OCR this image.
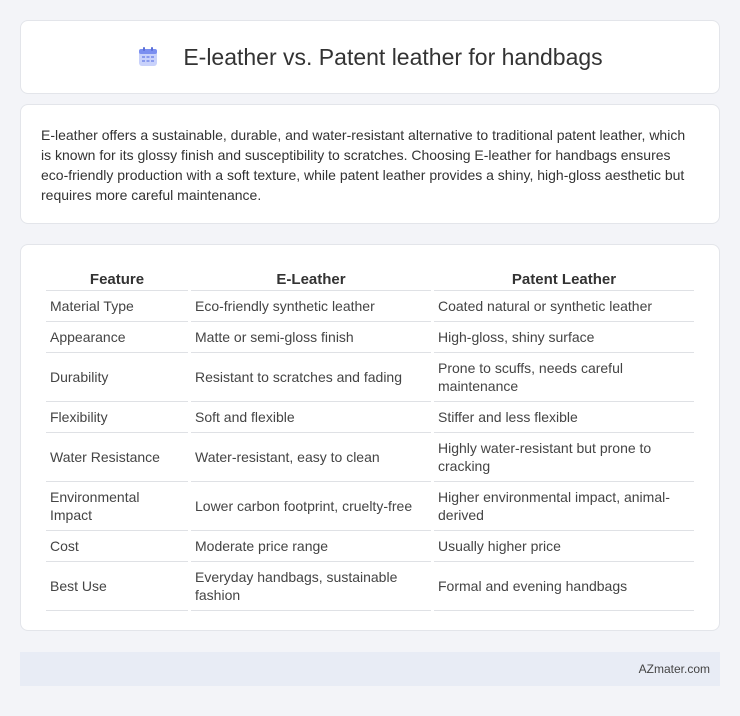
E-leather vs. Patent leather for handbags

E-leather offers a sustainable, durable, and water-resistant alternative to traditional patent leather, which is known for its glossy finish and susceptibility to scratches. Choosing E-leather for handbags ensures eco-friendly production with a soft texture, while patent leather provides a shiny, high-gloss aesthetic but requires more careful maintenance.

Feature	E-Leather	Patent Leather
Material Type	Eco-friendly synthetic leather	Coated natural or synthetic leather
Appearance	Matte or semi-gloss finish	High-gloss, shiny surface
Durability	Resistant to scratches and fading	Prone to scuffs, needs careful maintenance
Flexibility	Soft and flexible	Stiffer and less flexible
Water Resistance	Water-resistant, easy to clean	Highly water-resistant but prone to cracking
Environmental Impact	Lower carbon footprint, cruelty-free	Higher environmental impact, animal-derived
Cost	Moderate price range	Usually higher price
Best Use	Everyday handbags, sustainable fashion	Formal and evening handbags
AZmater.com
